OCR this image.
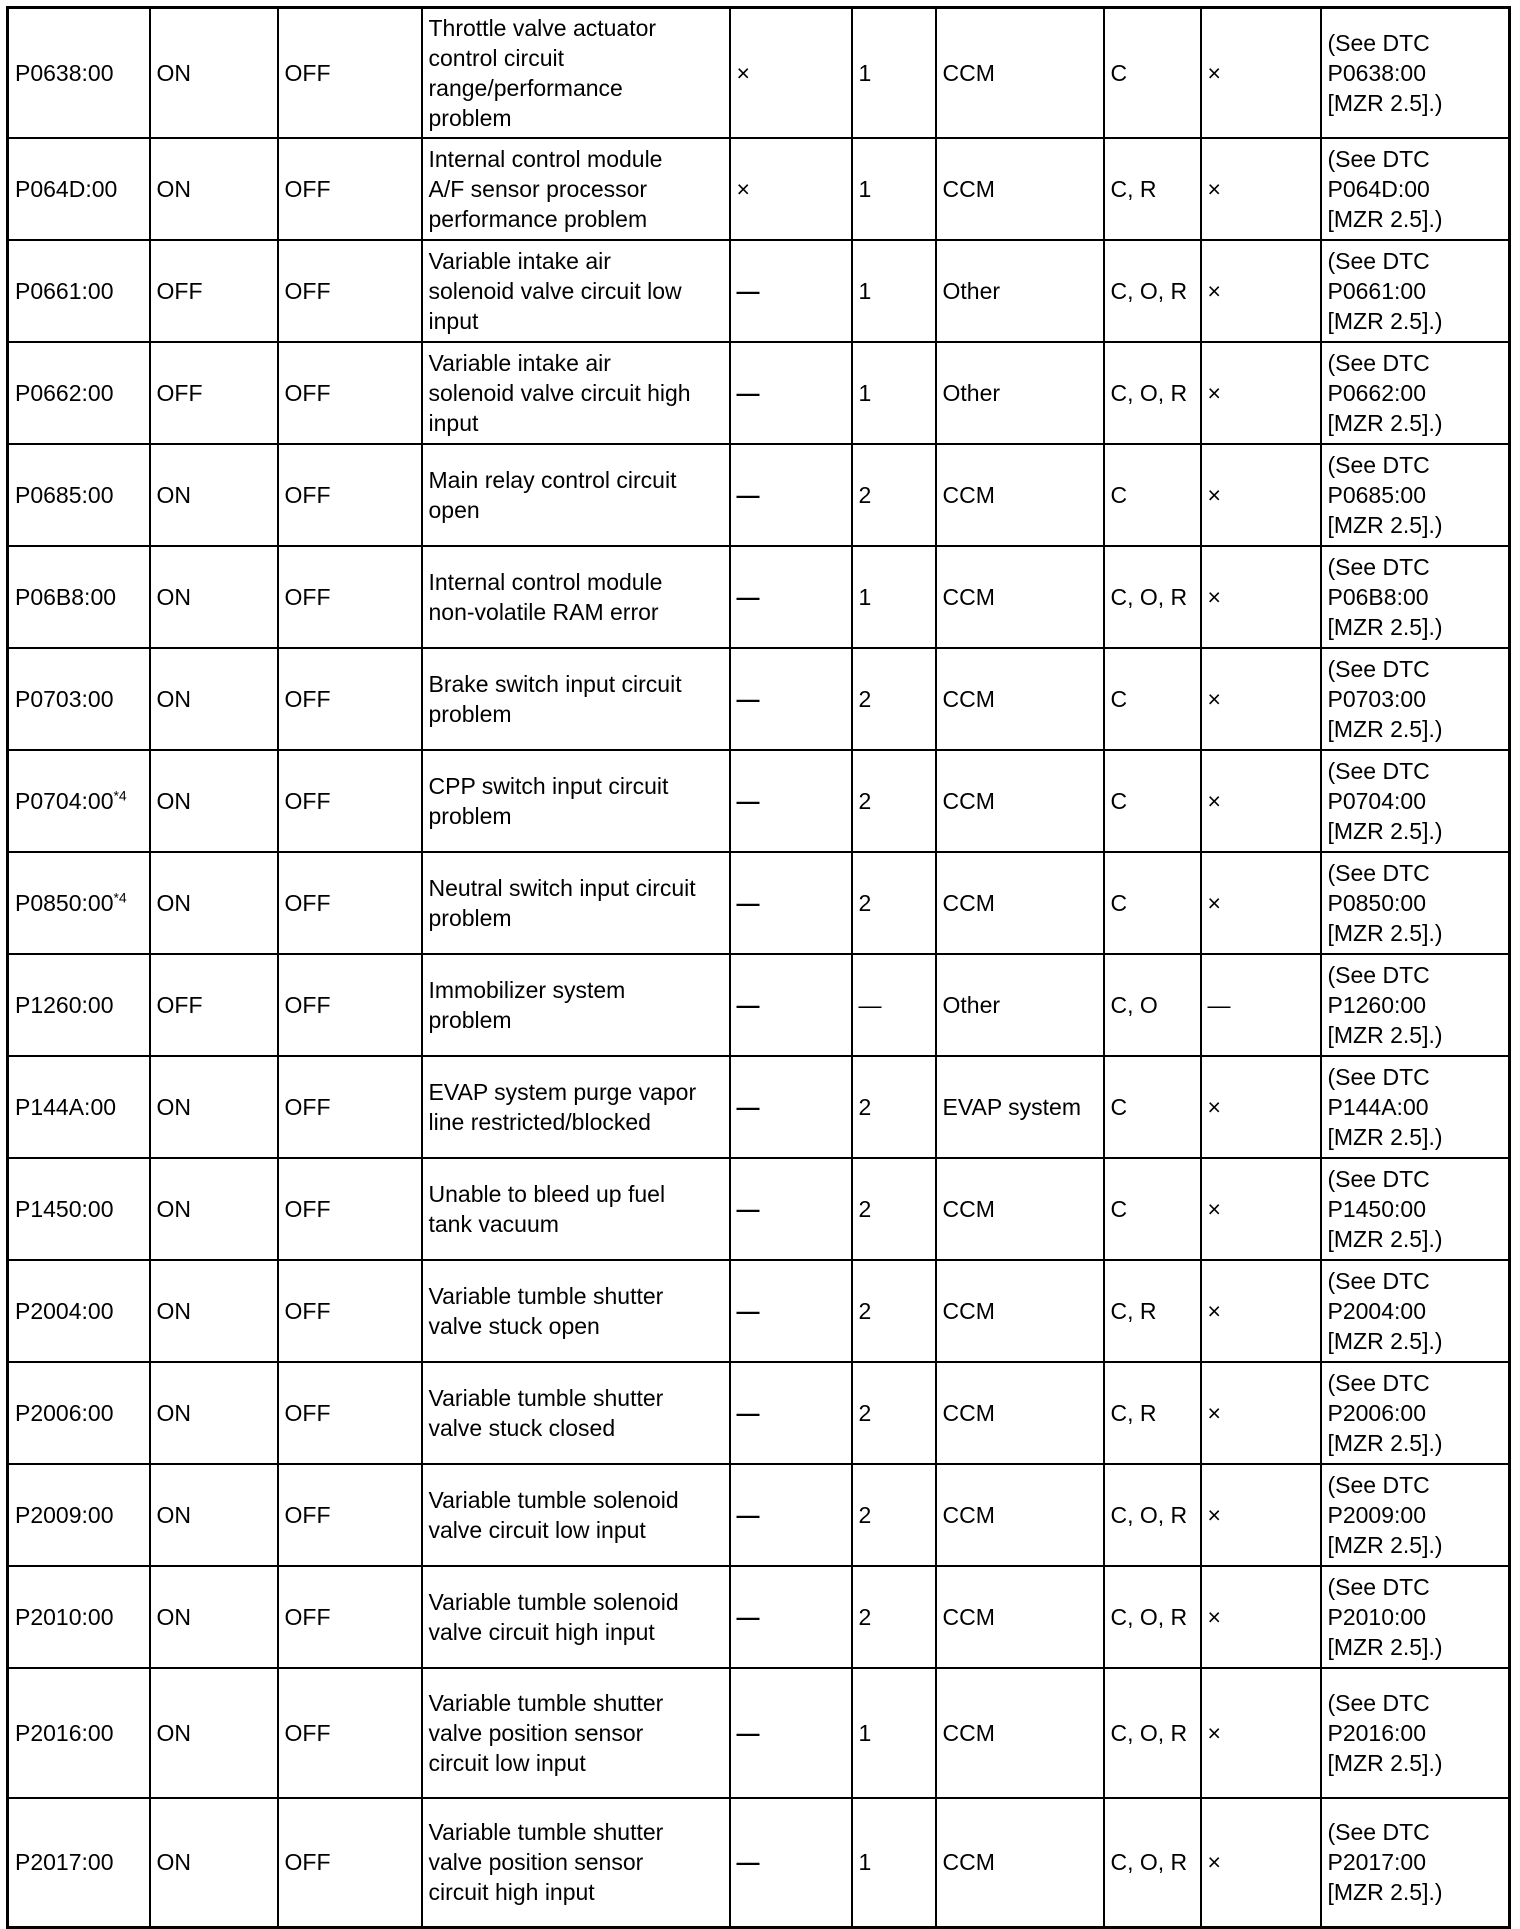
P0638:00	ON	OFF	Throttle valve actuator
control circuit
range/performance
problem	×	1	CCM	C	×	(See DTC
P0638:00
[MZR 2.5].)

P064D:00	ON	OFF	Internal control module
A/F sensor processor
performance problem	×	1	CCM	C, R	×	(See DTC
P064D:00
[MZR 2.5].)

P0661:00	OFF	OFF	Variable intake air
solenoid valve circuit low
input	—	1	Other	C, O, R	×	(See DTC
P0661:00
[MZR 2.5].)

P0662:00	OFF	OFF	Variable intake air
solenoid valve circuit high
input	—	1	Other	C, O, R	×	(See DTC
P0662:00
[MZR 2.5].)

P0685:00	ON	OFF	Main relay control circuit
open	—	2	CCM	C	×	(See DTC
P0685:00
[MZR 2.5].)

P06B8:00	ON	OFF	Internal control module
non-volatile RAM error	—	1	CCM	C, O, R	×	(See DTC
P06B8:00
[MZR 2.5].)

P0703:00	ON	OFF	Brake switch input circuit
problem	—	2	CCM	C	×	(See DTC
P0703:00
[MZR 2.5].)

P0704:00$^{*4}$	ON	OFF	CPP switch input circuit
problem	—	2	CCM	C	×	(See DTC
P0704:00
[MZR 2.5].)

P0850:00$^{*4}$	ON	OFF	Neutral switch input circuit
problem	—	2	CCM	C	×	(See DTC
P0850:00
[MZR 2.5].)

P1260:00	OFF	OFF	Immobilizer system
problem	—	—	Other	C, O	—	(See DTC
P1260:00
[MZR 2.5].)

P144A:00	ON	OFF	EVAP system purge vapor
line restricted/blocked	—	2	EVAP system	C	×	(See DTC
P144A:00
[MZR 2.5].)

P1450:00	ON	OFF	Unable to bleed up fuel
tank vacuum	—	2	CCM	C	×	(See DTC
P1450:00
[MZR 2.5].)

P2004:00	ON	OFF	Variable tumble shutter
valve stuck open	—	2	CCM	C, R	×	(See DTC
P2004:00
[MZR 2.5].)

P2006:00	ON	OFF	Variable tumble shutter
valve stuck closed	—	2	CCM	C, R	×	(See DTC
P2006:00
[MZR 2.5].)

P2009:00	ON	OFF	Variable tumble solenoid
valve circuit low input	—	2	CCM	C, O, R	×	(See DTC
P2009:00
[MZR 2.5].)

P2010:00	ON	OFF	Variable tumble solenoid
valve circuit high input	—	2	CCM	C, O, R	×	(See DTC
P2010:00
[MZR 2.5].)

P2016:00	ON	OFF	Variable tumble shutter
valve position sensor
circuit low input	—	1	CCM	C, O, R	×	(See DTC
P2016:00
[MZR 2.5].)

P2017:00	ON	OFF	Variable tumble shutter
valve position sensor
circuit high input	—	1	CCM	C, O, R	×	(See DTC
P2017:00
[MZR 2.5].)
